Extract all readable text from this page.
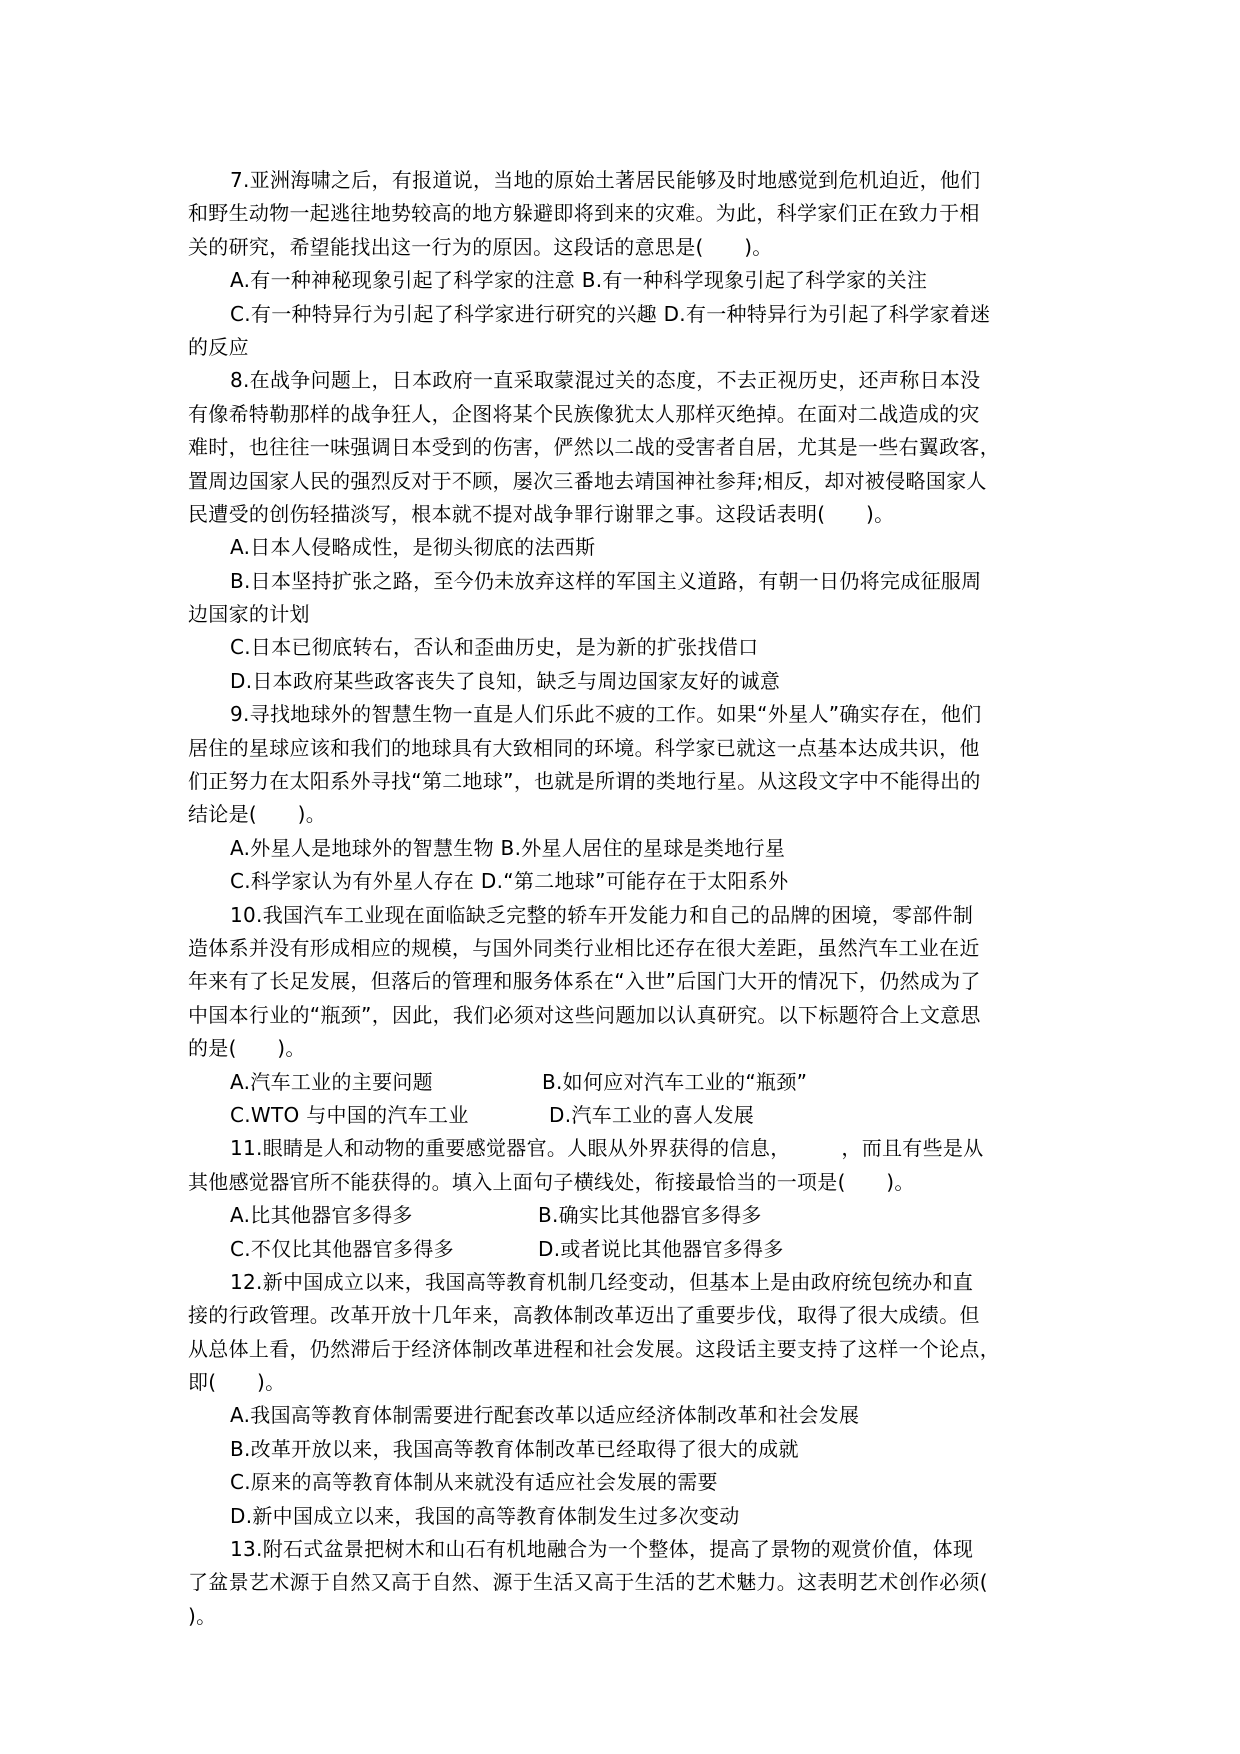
7.亚洲海啸之后，有报道说，当地的原始土著居民能够及时地感觉到危机迫近，他们
和野生动物一起逃往地势较高的地方躲避即将到来的灾难。为此，科学家们正在致力于相
关的研究，希望能找出这一行为的原因。这段话的意思是(　　)。
A.有一种神秘现象引起了科学家的注意 B.有一种科学现象引起了科学家的关注
C.有一种特异行为引起了科学家进行研究的兴趣 D.有一种特异行为引起了科学家着迷
的反应
8.在战争问题上，日本政府一直采取蒙混过关的态度，不去正视历史，还声称日本没
有像希特勒那样的战争狂人，企图将某个民族像犹太人那样灭绝掉。在面对二战造成的灾
难时，也往往一味强调日本受到的伤害，俨然以二战的受害者自居，尤其是一些右翼政客，
置周边国家人民的强烈反对于不顾，屡次三番地去靖国神社参拜;相反，却对被侵略国家人
民遭受的创伤轻描淡写，根本就不提对战争罪行谢罪之事。这段话表明(　　)。
A.日本人侵略成性，是彻头彻底的法西斯
B.日本坚持扩张之路，至今仍未放弃这样的军国主义道路，有朝一日仍将完成征服周
边国家的计划
C.日本已彻底转右，否认和歪曲历史，是为新的扩张找借口
D.日本政府某些政客丧失了良知，缺乏与周边国家友好的诚意
9.寻找地球外的智慧生物一直是人们乐此不疲的工作。如果“外星人”确实存在，他们
居住的星球应该和我们的地球具有大致相同的环境。科学家已就这一点基本达成共识，他
们正努力在太阳系外寻找“第二地球”，也就是所谓的类地行星。从这段文字中不能得出的
结论是(　　)。
A.外星人是地球外的智慧生物 B.外星人居住的星球是类地行星
C.科学家认为有外星人存在 D.“第二地球”可能存在于太阳系外
10.我国汽车工业现在面临缺乏完整的轿车开发能力和自己的品牌的困境，零部件制
造体系并没有形成相应的规模，与国外同类行业相比还存在很大差距，虽然汽车工业在近
年来有了长足发展，但落后的管理和服务体系在“入世”后国门大开的情况下，仍然成为了
中国本行业的“瓶颈”，因此，我们必须对这些问题加以认真研究。以下标题符合上文意思
的是(　　)。
A.汽车工业的主要问题	B.如何应对汽车工业的“瓶颈”
C.WTO 与中国的汽车工业	D.汽车工业的喜人发展
11.眼睛是人和动物的重要感觉器官。人眼从外界获得的信息，　　　，而且有些是从
其他感觉器官所不能获得的。填入上面句子横线处，衔接最恰当的一项是(　　)。
A.比其他器官多得多	B.确实比其他器官多得多
C.不仅比其他器官多得多	D.或者说比其他器官多得多
12.新中国成立以来，我国高等教育机制几经变动，但基本上是由政府统包统办和直
接的行政管理。改革开放十几年来，高教体制改革迈出了重要步伐，取得了很大成绩。但
从总体上看，仍然滞后于经济体制改革进程和社会发展。这段话主要支持了这样一个论点，
即(　　)。
A.我国高等教育体制需要进行配套改革以适应经济体制改革和社会发展
B.改革开放以来，我国高等教育体制改革已经取得了很大的成就
C.原来的高等教育体制从来就没有适应社会发展的需要
D.新中国成立以来，我国的高等教育体制发生过多次变动
13.附石式盆景把树木和山石有机地融合为一个整体，提高了景物的观赏价值，体现
了盆景艺术源于自然又高于自然、源于生活又高于生活的艺术魅力。这表明艺术创作必须(
)。
